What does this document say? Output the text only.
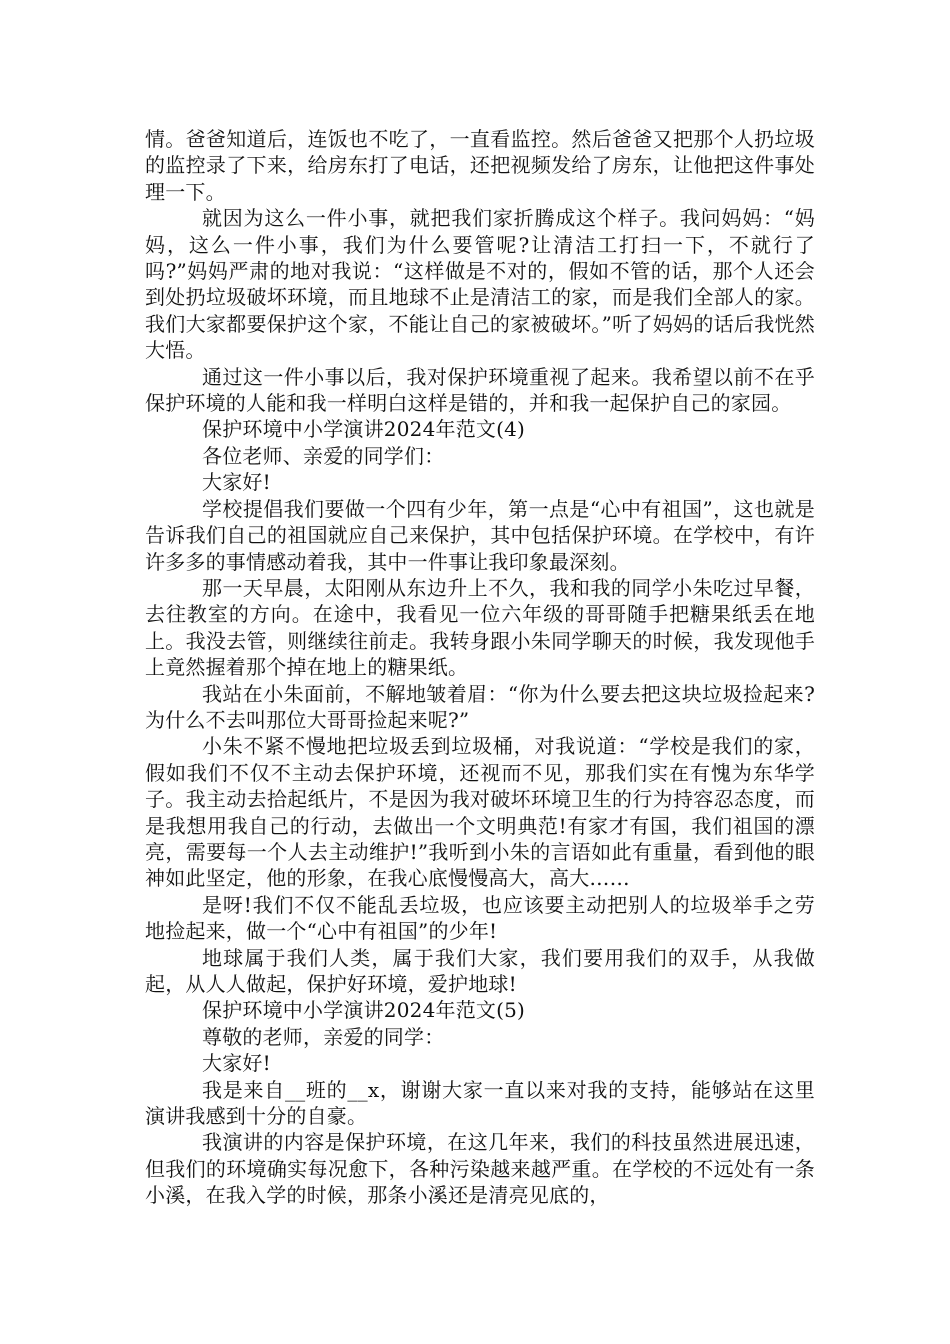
情。爸爸知道后，连饭也不吃了，一直看监控。然后爸爸又把那个人扔垃圾的监控录了下来，给房东打了电话，还把视频发给了房东，让他把这件事处理一下。

就因为这么一件小事，就把我们家折腾成这个样子。我问妈妈：“妈妈，这么一件小事，我们为什么要管呢?让清洁工打扫一下，不就行了吗?”妈妈严肃的地对我说：“这样做是不对的，假如不管的话，那个人还会到处扔垃圾破坏环境，而且地球不止是清洁工的家，而是我们全部人的家。我们大家都要保护这个家，不能让自己的家被破坏。”听了妈妈的话后我恍然大悟。

通过这一件小事以后，我对保护环境重视了起来。我希望以前不在乎保护环境的人能和我一样明白这样是错的，并和我一起保护自己的家园。

保护环境中小学演讲2024年范文(4)

各位老师、亲爱的同学们：

大家好!

学校提倡我们要做一个四有少年，第一点是“心中有祖国”，这也就是告诉我们自己的祖国就应自己来保护，其中包括保护环境。在学校中，有许许多多的事情感动着我，其中一件事让我印象最深刻。

那一天早晨，太阳刚从东边升上不久，我和我的同学小朱吃过早餐，去往教室的方向。在途中，我看见一位六年级的哥哥随手把糖果纸丢在地上。我没去管，则继续往前走。我转身跟小朱同学聊天的时候，我发现他手上竟然握着那个掉在地上的糖果纸。

我站在小朱面前，不解地皱着眉：“你为什么要去把这块垃圾捡起来?为什么不去叫那位大哥哥捡起来呢?”

小朱不紧不慢地把垃圾丢到垃圾桶，对我说道：“学校是我们的家，假如我们不仅不主动去保护环境，还视而不见，那我们实在有愧为东华学子。我主动去拾起纸片，不是因为我对破坏环境卫生的行为持容忍态度，而是我想用我自己的行动，去做出一个文明典范!有家才有国，我们祖国的漂亮，需要每一个人去主动维护!”我听到小朱的言语如此有重量，看到他的眼神如此坚定，他的形象，在我心底慢慢高大，高大……

是呀!我们不仅不能乱丢垃圾，也应该要主动把别人的垃圾举手之劳地捡起来，做一个“心中有祖国”的少年!

地球属于我们人类，属于我们大家，我们要用我们的双手，从我做起，从人人做起，保护好环境，爱护地球!

保护环境中小学演讲2024年范文(5)

尊敬的老师，亲爱的同学：

大家好!

我是来自__班的__x，谢谢大家一直以来对我的支持，能够站在这里演讲我感到十分的自豪。

我演讲的内容是保护环境，在这几年来，我们的科技虽然进展迅速，但我们的环境确实每况愈下，各种污染越来越严重。在学校的不远处有一条小溪，在我入学的时候，那条小溪还是清亮见底的，
